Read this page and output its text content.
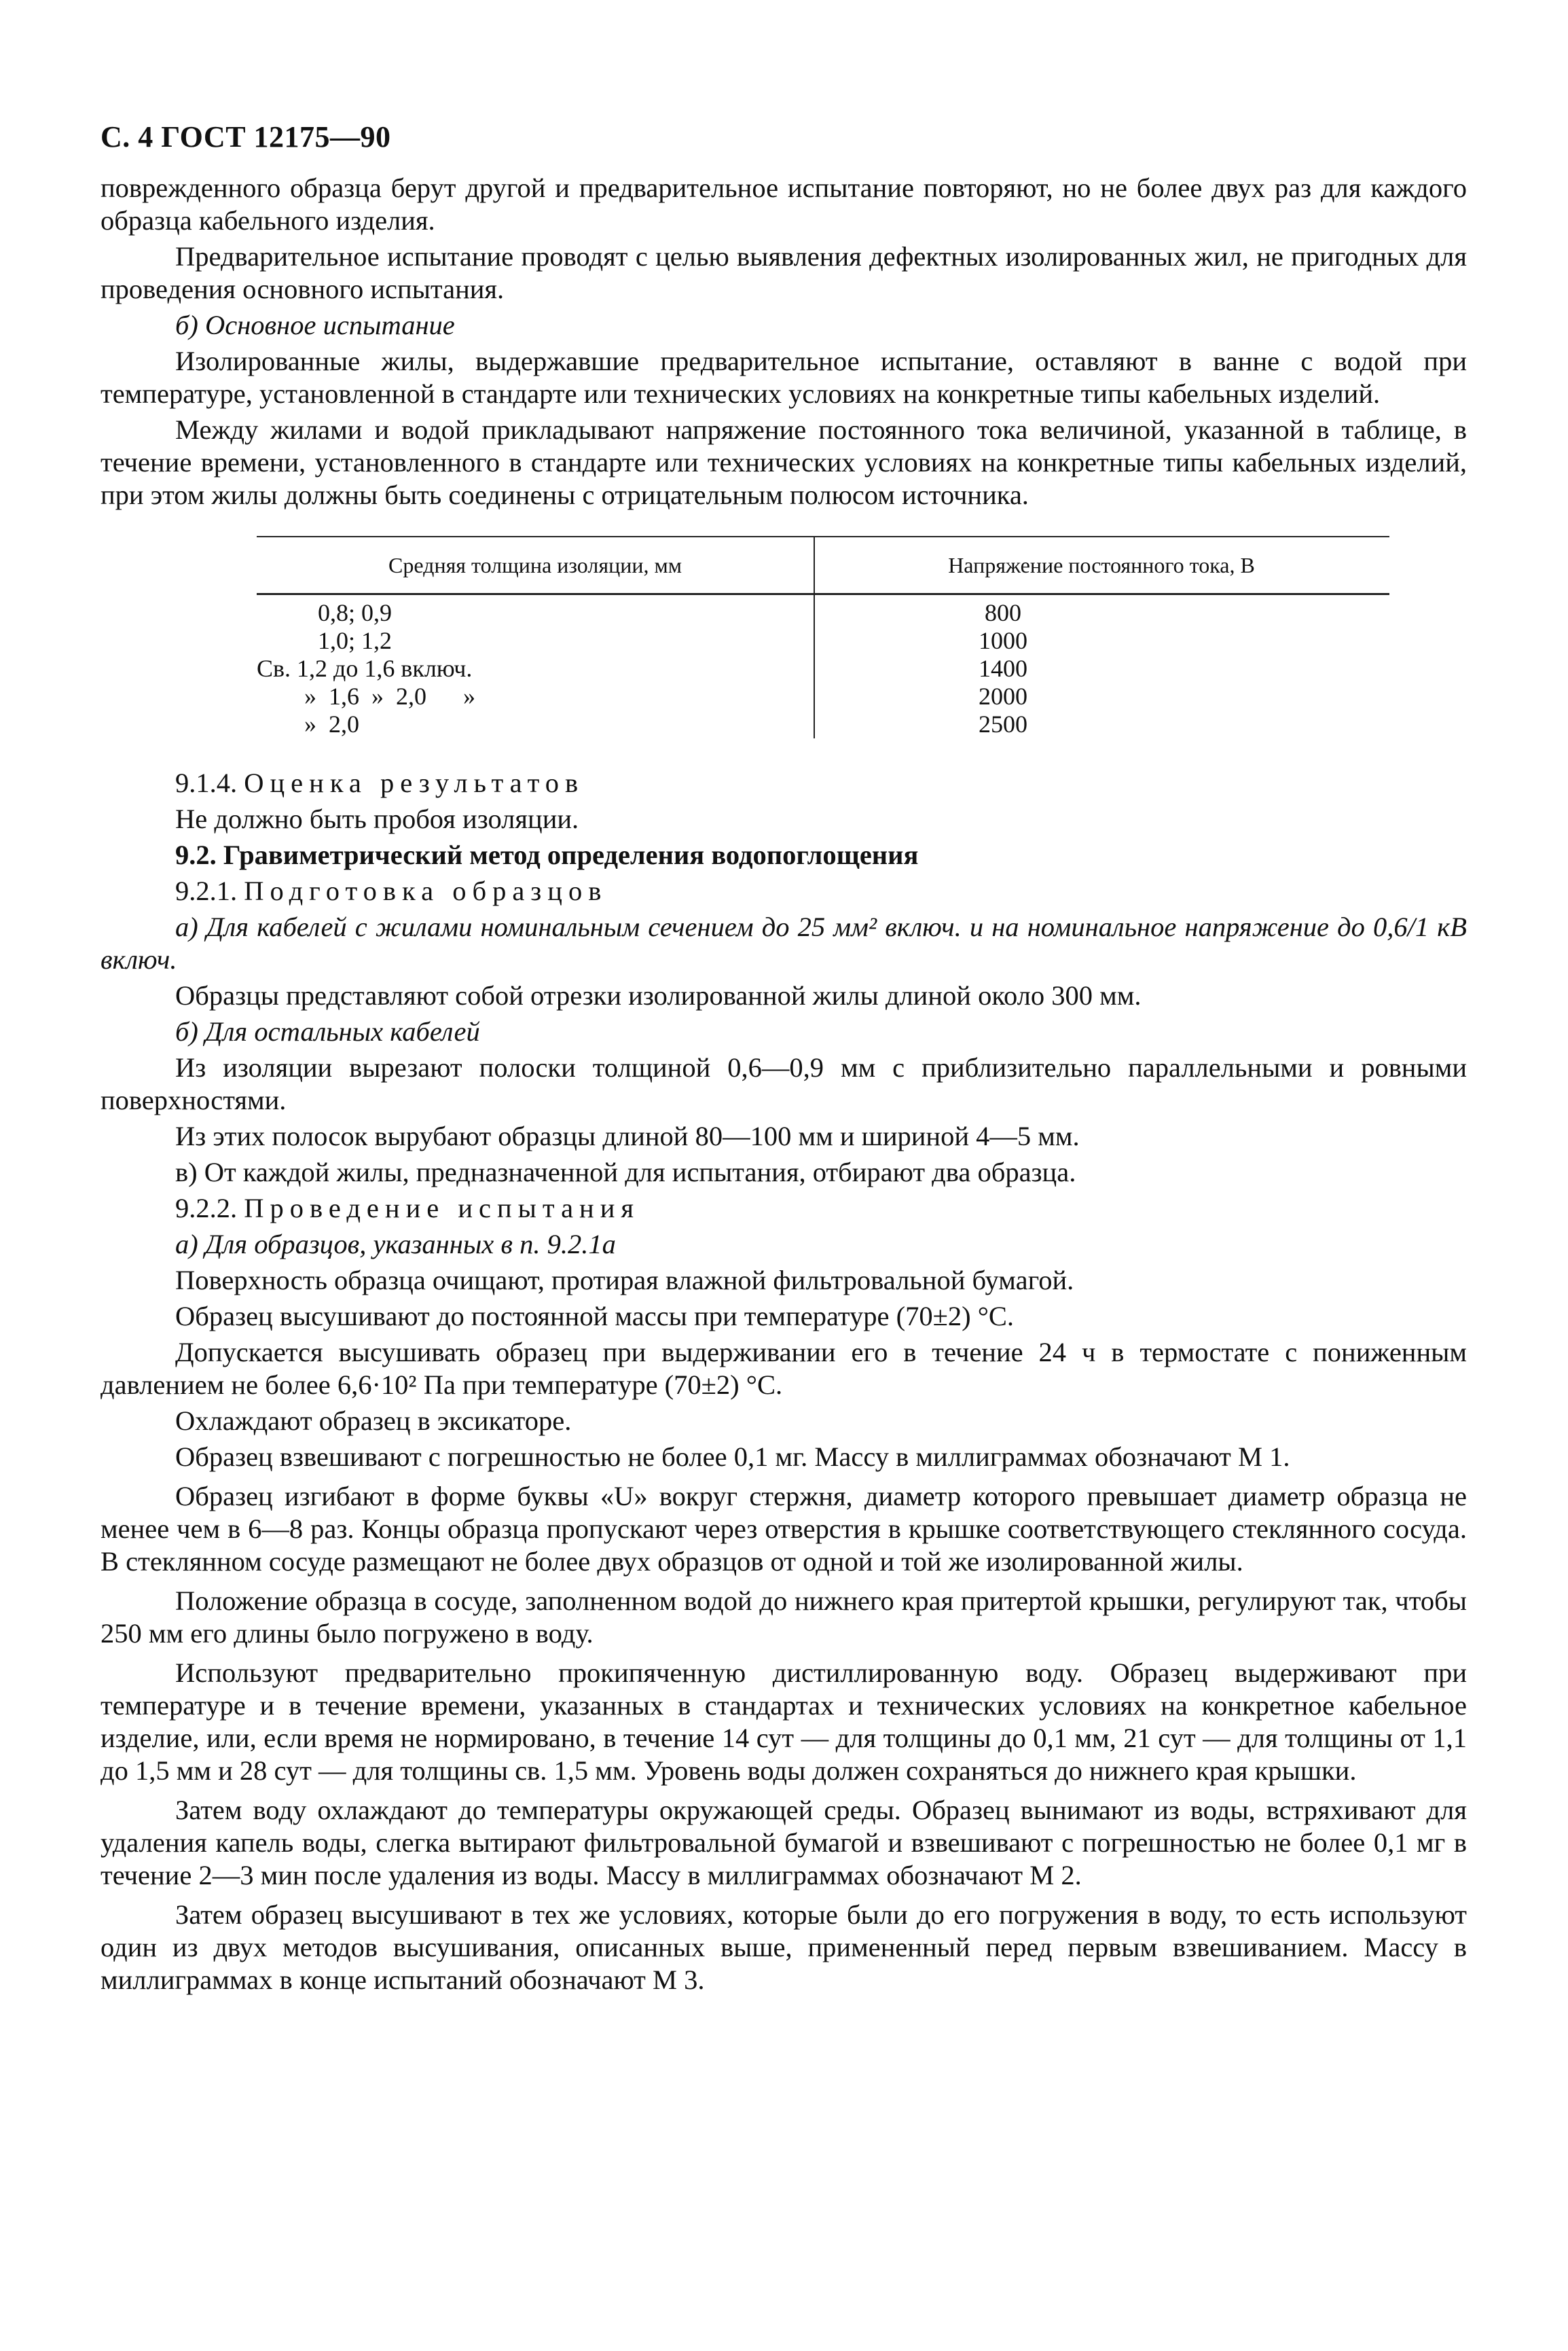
С. 4 ГОСТ 12175—90

поврежденного образца берут другой и предварительное испытание повторяют, но не более двух раз для каждого образца кабельного изделия.

Предварительное испытание проводят с целью выявления дефектных изолированных жил, не пригодных для проведения основного испытания.

б) Основное испытание

Изолированные жилы, выдержавшие предварительное испытание, оставляют в ванне с водой при температуре, установленной в стандарте или технических условиях на конкретные типы кабельных изделий.

Между жилами и водой прикладывают напряжение постоянного тока величиной, указанной в таблице, в течение времени, установленного в стандарте или технических условиях на конкретные типы кабельных изделий, при этом жилы должны быть соединены с отрицательным полюсом источника.

Средняя толщина изоляции, мм	Напряжение постоянного тока, В
0,8; 0,9	800
1,0; 1,2	1000
Св. 1,2 до 1,6 включ.	1400
»  1,6  »  2,0      »	2000
»  2,0	2500

9.1.4. Оценка результатов

Не должно быть пробоя изоляции.

9.2. Гравиметрический метод определения водопоглощения

9.2.1. Подготовка образцов

а) Для кабелей с жилами номинальным сечением до 25 мм² включ. и на номинальное напряжение до 0,6/1 кВ включ.

Образцы представляют собой отрезки изолированной жилы длиной около 300 мм.

б) Для остальных кабелей

Из изоляции вырезают полоски толщиной 0,6—0,9 мм с приблизительно параллельными и ровными поверхностями.

Из этих полосок вырубают образцы длиной 80—100 мм и шириной 4—5 мм.

в) От каждой жилы, предназначенной для испытания, отбирают два образца.

9.2.2. Проведение испытания

а) Для образцов, указанных в п. 9.2.1а

Поверхность образца очищают, протирая влажной фильтровальной бумагой.

Образец высушивают до постоянной массы при температуре (70±2) °С.

Допускается высушивать образец при выдерживании его в течение 24 ч в термостате с пониженным давлением не более 6,6·10² Па при температуре (70±2) °С.

Охлаждают образец в эксикаторе.

Образец взвешивают с погрешностью не более 0,1 мг. Массу в миллиграммах обозначают М 1.

Образец изгибают в форме буквы «U» вокруг стержня, диаметр которого превышает диаметр образца не менее чем в 6—8 раз. Концы образца пропускают через отверстия в крышке соответствующего стеклянного сосуда. В стеклянном сосуде размещают не более двух образцов от одной и той же изолированной жилы.

Положение образца в сосуде, заполненном водой до нижнего края притертой крышки, регулируют так, чтобы 250 мм его длины было погружено в воду.

Используют предварительно прокипяченную дистиллированную воду. Образец выдерживают при температуре и в течение времени, указанных в стандартах и технических условиях на конкретное кабельное изделие, или, если время не нормировано, в течение 14 сут — для толщины до 0,1 мм, 21 сут — для толщины от 1,1 до 1,5 мм и 28 сут — для толщины св. 1,5 мм. Уровень воды должен сохраняться до нижнего края крышки.

Затем воду охлаждают до температуры окружающей среды. Образец вынимают из воды, встряхивают для удаления капель воды, слегка вытирают фильтровальной бумагой и взвешивают с погрешностью не более 0,1 мг в течение 2—3 мин после удаления из воды. Массу в миллиграммах обозначают М 2.

Затем образец высушивают в тех же условиях, которые были до его погружения в воду, то есть используют один из двух методов высушивания, описанных выше, примененный перед первым взвешиванием. Массу в миллиграммах в конце испытаний обозначают М 3.
